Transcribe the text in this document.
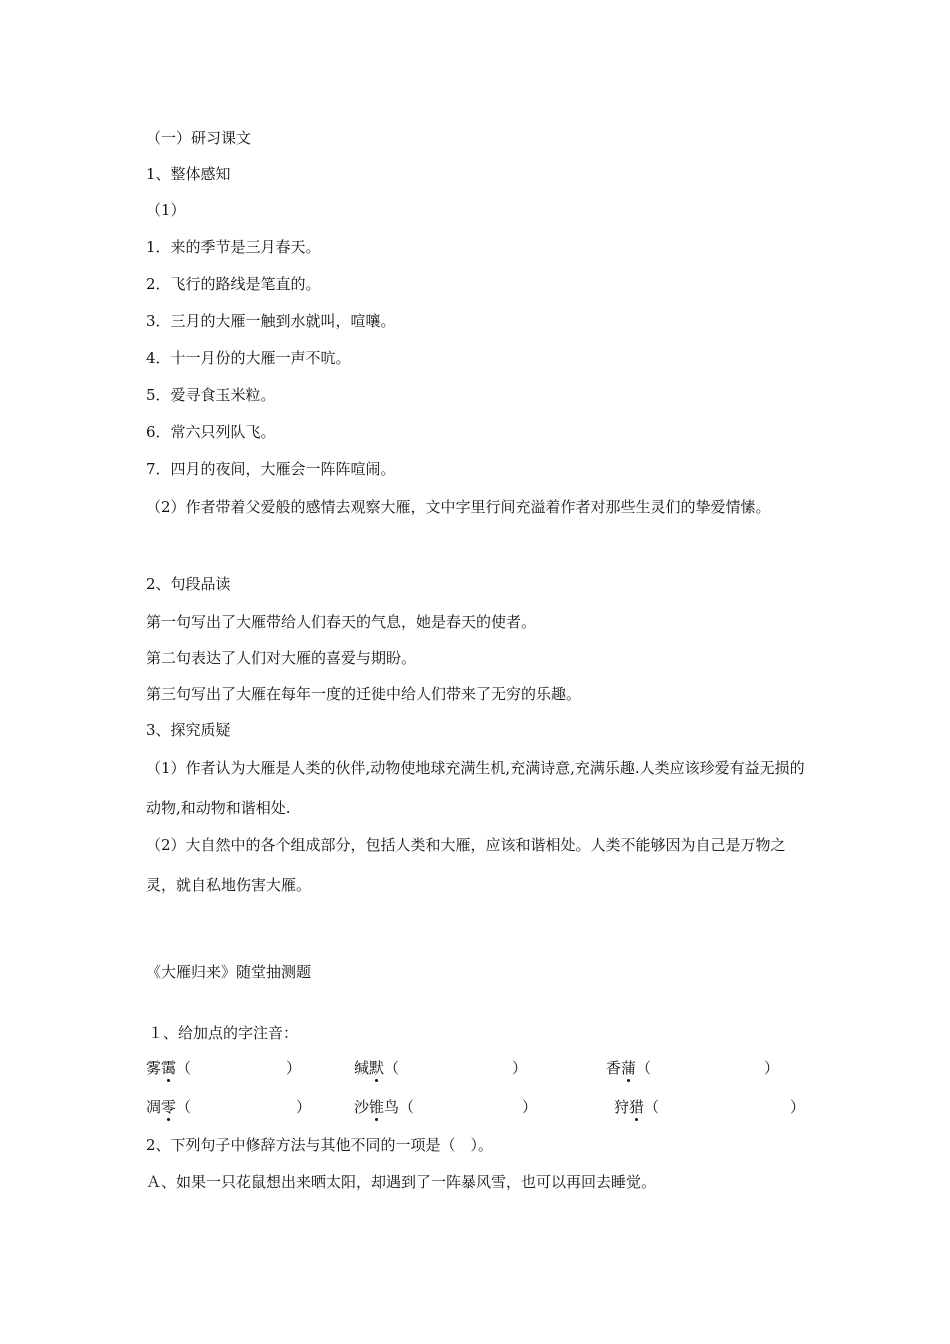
（一）研习课文
1、整体感知
（1）
1．来的季节是三月春天。
2．飞行的路线是笔直的。
3．三月的大雁一触到水就叫，喧嚷。
4．十一月份的大雁一声不吭。
5．爱寻食玉米粒。
6．常六只列队飞。
7．四月的夜间，大雁会一阵阵喧闹。
（2）作者带着父爱般的感情去观察大雁，文中字里行间充溢着作者对那些生灵们的挚爱情愫。
2、句段品读
第一句写出了大雁带给人们春天的气息，她是春天的使者。
第二句表达了人们对大雁的喜爱与期盼。
第三句写出了大雁在每年一度的迁徙中给人们带来了无穷的乐趣。
3、探究质疑
（1）作者认为大雁是人类的伙伴,动物使地球充满生机,充满诗意,充满乐趣.人类应该珍爱有益无损的动物,和动物和谐相处.
（2）大自然中的各个组成部分，包括人类和大雁，应该和谐相处。人类不能够因为自己是万物之灵，就自私地伤害大雁。
《大雁归来》随堂抽测题
１、给加点的字注音：
雾霭（	）	缄默（	）	香蒲（	）
凋零（	）	沙锥鸟（	）	狩猎（	）
2、下列句子中修辞方法与其他不同的一项是（　）。
Ａ、如果一只花鼠想出来晒太阳，却遇到了一阵暴风雪，也可以再回去睡觉。
